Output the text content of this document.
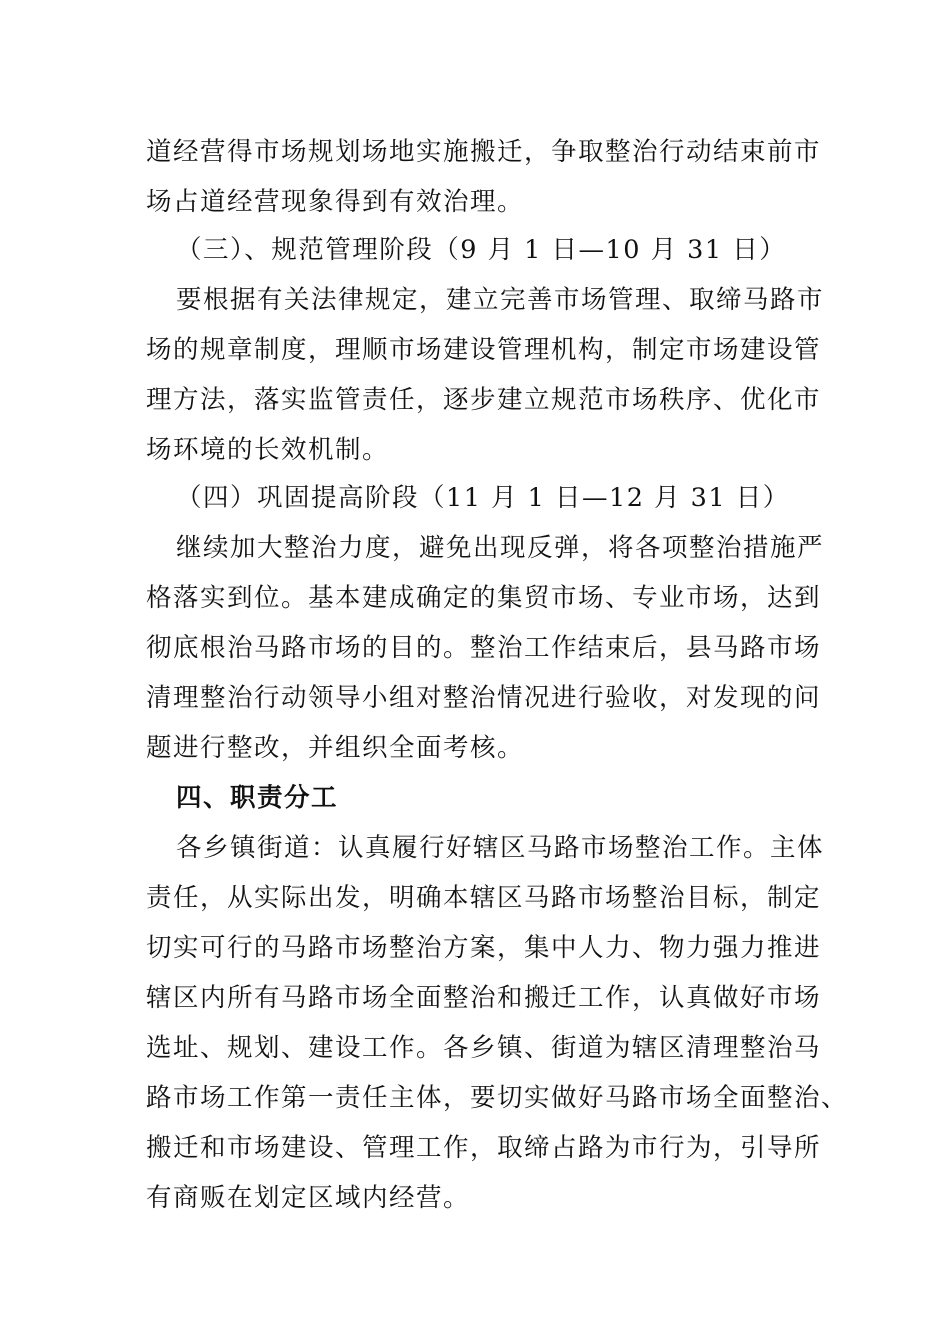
道经营得市场规划场地实施搬迁，争取整治行动结束前市
场占道经营现象得到有效治理。
（三）、规范管理阶段（9 月 1 日—10 月 31 日）
要根据有关法律规定，建立完善市场管理、取缔马路市
场的规章制度，理顺市场建设管理机构，制定市场建设管
理方法，落实监管责任，逐步建立规范市场秩序、优化市
场环境的长效机制。
（四）巩固提高阶段（11 月 1 日—12 月 31 日）
继续加大整治力度，避免出现反弹，将各项整治措施严
格落实到位。基本建成确定的集贸市场、专业市场，达到
彻底根治马路市场的目的。整治工作结束后，县马路市场
清理整治行动领导小组对整治情况进行验收，对发现的问
题进行整改，并组织全面考核。
四、职责分工
各乡镇街道：认真履行好辖区马路市场整治工作。主体
责任，从实际出发，明确本辖区马路市场整治目标，制定
切实可行的马路市场整治方案，集中人力、物力强力推进
辖区内所有马路市场全面整治和搬迁工作，认真做好市场
选址、规划、建设工作。各乡镇、街道为辖区清理整治马
路市场工作第一责任主体，要切实做好马路市场全面整治、
搬迁和市场建设、管理工作，取缔占路为市行为，引导所
有商贩在划定区域内经营。
